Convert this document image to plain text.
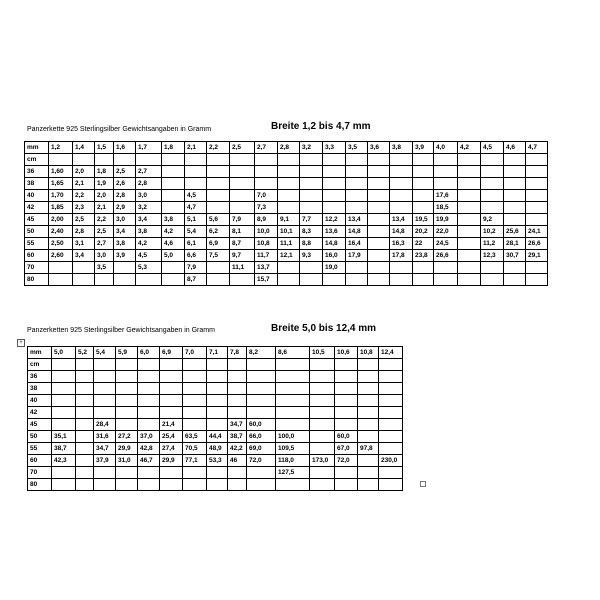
Panzerkette 925 Sterlingsilber Gewichtsangaben in Gramm	Breite 1,2 bis 4,7 mm
mm	1,2	1,4	1,5	1,6	1,7	1,8	2,1	2,2	2,5	2,7	2,8	3,2	3,3	3,5	3,6	3,8	3,9	4,0	4,2	4,5	4,6	4,7
cm																						
36	1,60	2,0	1,8	2,5	2,7																	
38	1,65	2,1	1,9	2,6	2,8																	
40	1,70	2,2	2,0	2,8	3,0		4,5			7,0								17,6				
42	1,85	2,3	2,1	2,9	3,2		4,7			7,3								18,5				
45	2,00	2,5	2,2	3,0	3,4	3,8	5,1	5,6	7,9	8,9	9,1	7,7	12,2	13,4		13,4	19,5	19,9		9,2		
50	2,40	2,8	2,5	3,4	3,8	4,2	5,4	6,2	8,1	10,0	10,1	8,3	13,6	14,8		14,8	20,2	22,0		10,2	25,6	24,1
55	2,50	3,1	2,7	3,8	4,2	4,6	6,1	6,9	8,7	10,8	11,1	8,8	14,8	16,4		16,3	22	24,5		11,2	28,1	26,6
60	2,60	3,4	3,0	3,9	4,5	5,0	6,6	7,5	9,7	11,7	12,1	9,3	16,0	17,9		17,8	23,8	26,6		12,3	30,7	29,1
70			3,5		5,3		7,9		11,1	13,7			19,0									
80							8,7			15,7												
+
Panzerketten 925 Sterlingsilber Gewichtsangaben in Gramm	Breite 5,0 bis 12,4 mm
mm	5,0	5,2	5,4	5,9	6,0	6,9	7,0	7,1	7,8	8,2	8,6	10,5	10,6	10,8	12,4
cm															
36															
38															
40															
42															
45			28,4			21,4			34,7	60,0					
50	35,1		31,6	27,2	37,0	25,4	63,5	44,4	38,7	66,0	100,0		60,0		
55	38,7		34,7	29,9	42,8	27,4	70,5	48,9	42,2	69,0	109,5		67,0	97,8	
60	42,3		37,9	31,0	46,7	29,9	77,1	53,3	46	72,0	118,0	173,0	72,0		230,0
70											127,5				
80															
